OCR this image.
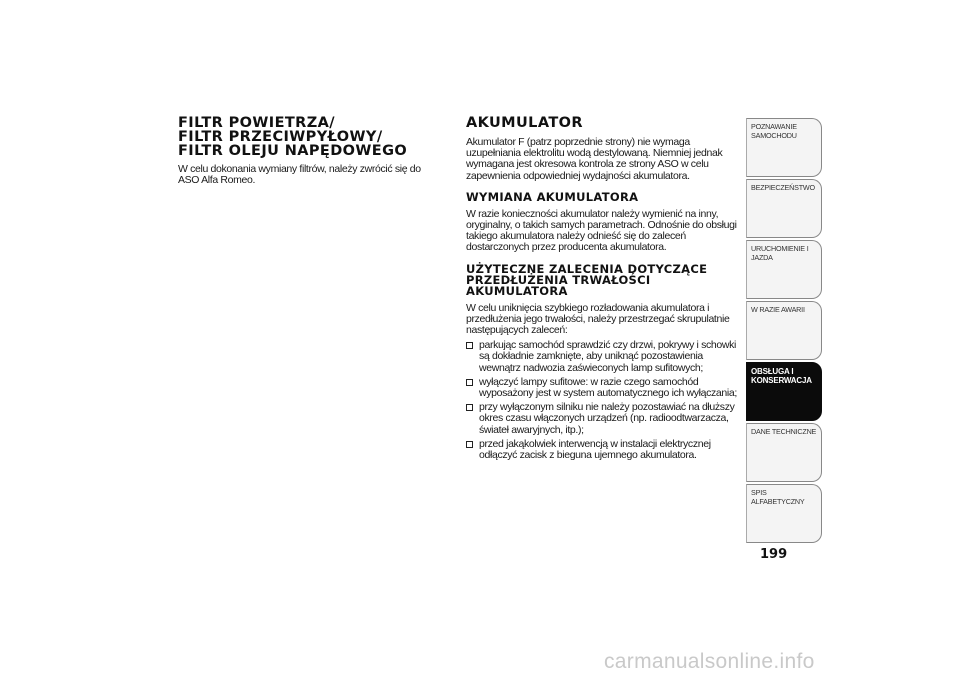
FILTR POWIETRZA/
FILTR PRZECIWPYŁOWY/
FILTR OLEJU NAPĘDOWEGO

W celu dokonania wymiany filtrów, należy zwrócić się do ASO Alfa Romeo.

AKUMULATOR

Akumulator F (patrz poprzednie strony) nie wymaga uzupełniania elektrolitu wodą destylowaną. Niemniej jednak wymagana jest okresowa kontrola ze strony ASO w celu zapewnienia odpowiedniej wydajności akumulatora.

WYMIANA AKUMULATORA

W razie konieczności akumulator należy wymienić na inny, oryginalny, o takich samych parametrach. Odnośnie do obsługi takiego akumulatora należy odnieść się do zaleceń dostarczonych przez producenta akumulatora.

UŻYTECZNE ZALECENIA DOTYCZĄCE
PRZEDŁUŻENIA TRWAŁOŚCI
AKUMULATORA

W celu uniknięcia szybkiego rozładowania akumulatora i przedłużenia jego trwałości, należy przestrzegać skrupulatnie następujących zaleceń:

parkując samochód sprawdzić czy drzwi, pokrywy i schowki są dokładnie zamknięte, aby uniknąć pozostawienia wewnątrz nadwozia zaświeconych lamp sufitowych;
wyłączyć lampy sufitowe: w razie czego samochód wyposażony jest w system automatycznego ich wyłączania;
przy wyłączonym silniku nie należy pozostawiać na dłuższy okres czasu włączonych urządzeń (np. radioodtwarzacza, świateł awaryjnych, itp.);
przed jakąkolwiek interwencją w instalacji elektrycznej odłączyć zacisk z bieguna ujemnego akumulatora.
POZNAWANIE SAMOCHODU
BEZPIECZEŃSTWO
URUCHOMIENIE I JAZDA
W RAZIE AWARII
OBSŁUGA I KONSERWACJA
DANE TECHNICZNE
SPIS ALFABETYCZNY
199
carmanualsonline.info
